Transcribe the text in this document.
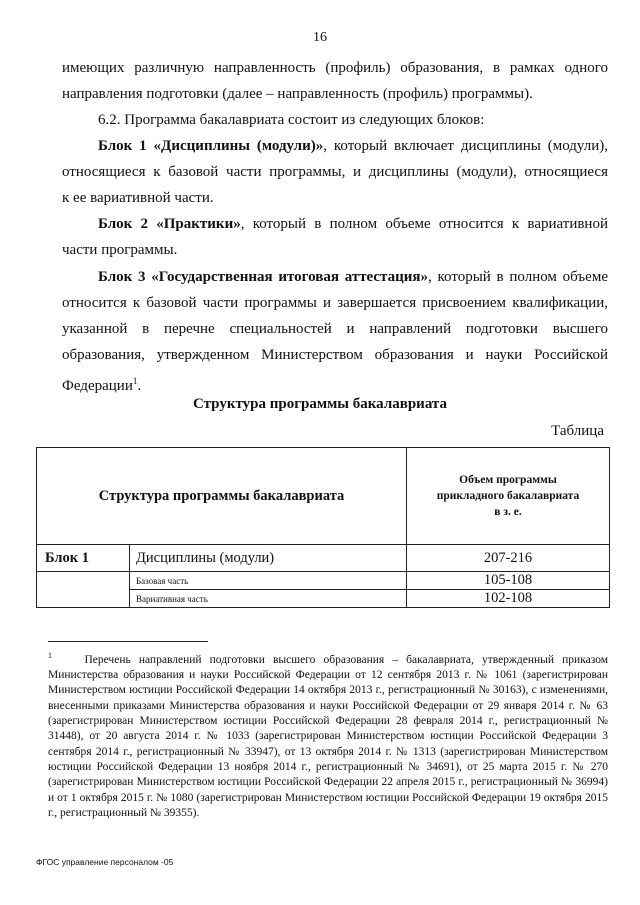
16

имеющих различную направленность (профиль) образования, в рамках одного

направления подготовки (далее – направленность (профиль) программы).

6.2. Программа бакалавриата состоит из следующих блоков:

Блок 1 «Дисциплины (модули)», который включает дисциплины (модули),

относящиеся к базовой части программы, и дисциплины (модули), относящиеся

к ее вариативной части.

Блок 2 «Практики», который в полном объеме относится к вариативной

части программы.

Блок 3 «Государственная итоговая аттестация», который в полном объеме

относится к базовой части программы и завершается присвоением квалификации,

указанной в перечне специальностей и направлений подготовки высшего

образования, утвержденном Министерством образования и науки Российской

Федерации$^1$.

Структура программы бакалавриата
Таблица
Структура программы бакалавриата		Объем программы
прикладного бакалавриата
в з. е.

Блок 1	Дисциплины (модули)	207-216
	Базовая часть	105-108
	Вариативная часть	102-108

$^1$	Перечень направлений подготовки высшего образования – бакалавриата, утвержденный приказом Министерства образования и науки Российской Федерации от 12 сентября 2013 г. № 1061 (зарегистрирован Министерством юстиции Российской Федерации 14 октября 2013 г., регистрационный № 30163), с изменениями, внесенными приказами Министерства образования и науки Российской Федерации от 29 января 2014 г. № 63 (зарегистрирован Министерством юстиции Российской Федерации 28 февраля 2014 г., регистрационный № 31448), от 20 августа 2014 г. № 1033 (зарегистрирован Министерством юстиции Российской Федерации 3 сентября 2014 г., регистрационный № 33947), от 13 октября 2014 г. № 1313 (зарегистрирован Министерством юстиции Российской Федерации 13 ноября 2014 г., регистрационный № 34691), от 25 марта 2015 г. № 270 (зарегистрирован Министерством юстиции Российской Федерации 22 апреля 2015 г., регистрационный № 36994) и от 1 октября 2015 г. № 1080 (зарегистрирован Министерством юстиции Российской Федерации 19 октября 2015 г., регистрационный № 39355).

ФГОС управление персоналом -05
